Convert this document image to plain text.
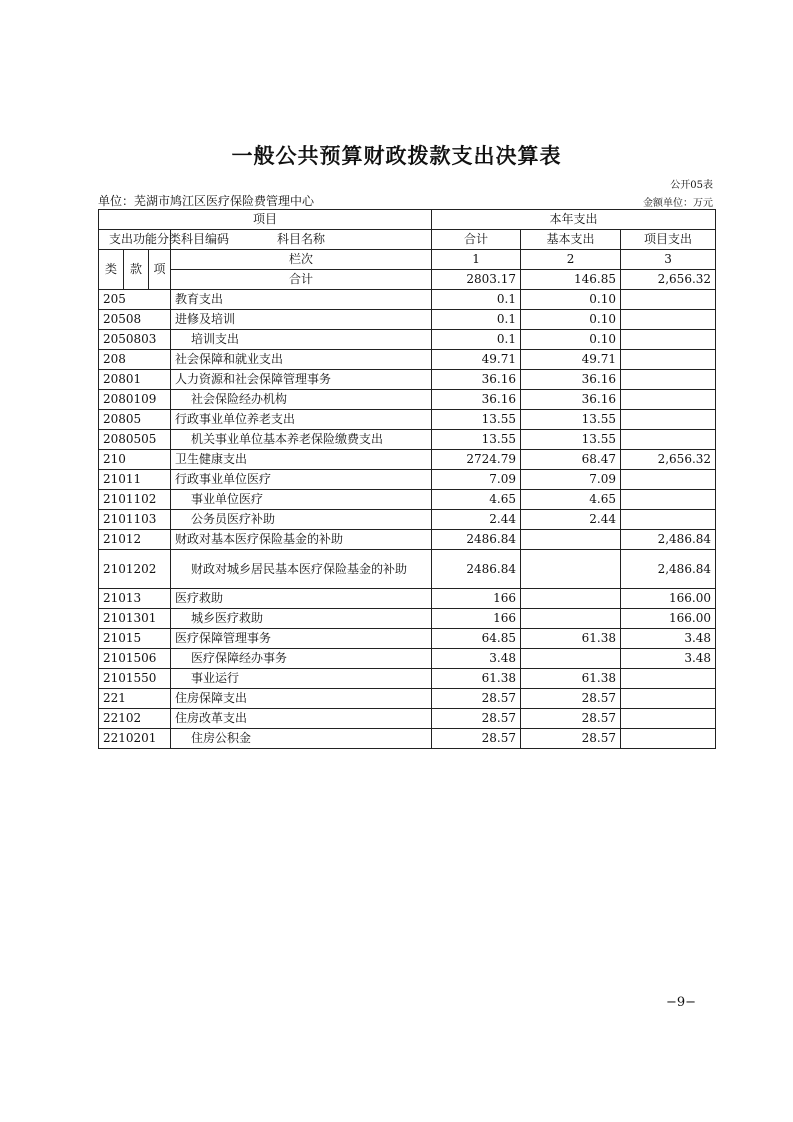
一般公共预算财政拨款支出决算表
公开05表
单位：芜湖市鸠江区医疗保险费管理中心	金额单位：万元
项目				本年支出		
支出功能分类科目编码			科目名称	合计	基本支出	项目支出
类	款	项	栏次	1	2	3
			合计	2803.17	146.85	2,656.32
205			教育支出	0.1	0.10	
20508			进修及培训	0.1	0.10	
2050803			培训支出	0.1	0.10	
208			社会保障和就业支出	49.71	49.71	
20801			人力资源和社会保障管理事务	36.16	36.16	
2080109			社会保险经办机构	36.16	36.16	
20805			行政事业单位养老支出	13.55	13.55	
2080505			机关事业单位基本养老保险缴费支出	13.55	13.55	
210			卫生健康支出	2724.79	68.47	2,656.32
21011			行政事业单位医疗	7.09	7.09	
2101102			事业单位医疗	4.65	4.65	
2101103			公务员医疗补助	2.44	2.44	
21012			财政对基本医疗保险基金的补助	2486.84		2,486.84
2101202			财政对城乡居民基本医疗保险基金的补助	2486.84		2,486.84
21013			医疗救助	166		166.00
2101301			城乡医疗救助	166		166.00
21015			医疗保障管理事务	64.85	61.38	3.48
2101506			医疗保障经办事务	3.48		3.48
2101550			事业运行	61.38	61.38	
221			住房保障支出	28.57	28.57	
22102			住房改革支出	28.57	28.57	
2210201			住房公积金	28.57	28.57	
−9−
